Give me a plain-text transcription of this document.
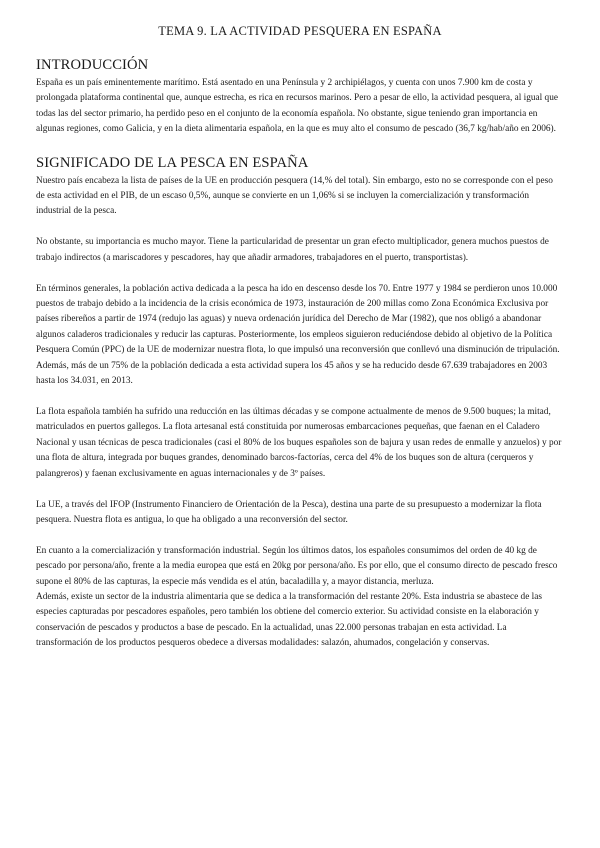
TEMA 9. LA ACTIVIDAD PESQUERA EN ESPAÑA
INTRODUCCIÓN

España es un país eminentemente marítimo. Está asentado en una Península y 2 archipiélagos, y cuenta con unos 7.900 km de costa y prolongada plataforma continental que, aunque estrecha, es rica en recursos marinos. Pero a pesar de ello, la actividad pesquera, al igual que todas las del sector primario, ha perdido peso en el conjunto de la economía española. No obstante, sigue teniendo gran importancia en algunas regiones, como Galicia, y en la dieta alimentaria española, en la que es muy alto el consumo de pescado (36,7 kg/hab/año en 2006).

SIGNIFICADO DE LA PESCA EN ESPAÑA

Nuestro país encabeza la lista de países de la UE en producción pesquera (14,% del total). Sin embargo, esto no se corresponde con el peso de esta actividad en el PIB, de un escaso 0,5%, aunque se convierte en un 1,06% si se incluyen la comercialización y transformación industrial de la pesca.

No obstante, su importancia es mucho mayor. Tiene la particularidad de presentar un gran efecto multiplicador, genera muchos puestos de trabajo indirectos (a mariscadores y pescadores, hay que añadir armadores, trabajadores en el puerto, transportistas).

En términos generales, la población activa dedicada a la pesca ha ido en descenso desde los 70. Entre 1977 y 1984 se perdieron unos 10.000 puestos de trabajo debido a la incidencia de la crisis económica de 1973, instauración de 200 millas como Zona Económica Exclusiva por países ribereños a partir de 1974 (redujo las aguas) y nueva ordenación jurídica del Derecho de Mar (1982), que nos obligó a abandonar algunos caladeros tradicionales y reducir las capturas. Posteriormente, los empleos siguieron reduciéndose debido al objetivo de la Política Pesquera Común (PPC) de la UE de modernizar nuestra flota, lo que impulsó una reconversión que conllevó una disminución de tripulación. Además, más de un 75% de la población dedicada a esta actividad supera los 45 años y se ha reducido desde 67.639 trabajadores en 2003 hasta los 34.031, en 2013.

La flota española también ha sufrido una reducción en las últimas décadas y se compone actualmente de menos de 9.500 buques; la mitad, matriculados en puertos gallegos. La flota artesanal está constituida por numerosas embarcaciones pequeñas, que faenan en el Caladero Nacional y usan técnicas de pesca tradicionales (casi el 80% de los buques españoles son de bajura y usan redes de enmalle y anzuelos) y por una flota de altura, integrada por buques grandes, denominado barcos-factorías, cerca del 4% de los buques son de altura (cerqueros y palangreros) y faenan exclusivamente en aguas internacionales y de 3º países.

La UE, a través del IFOP (Instrumento Financiero de Orientación de la Pesca), destina una parte de su presupuesto a modernizar la flota pesquera. Nuestra flota es antigua, lo que ha obligado a una reconversión del sector.

En cuanto a la comercialización y transformación industrial. Según los últimos datos, los españoles consumimos del orden de 40 kg de pescado por persona/año, frente a la media europea que está en 20kg por persona/año. Es por ello, que el consumo directo de pescado fresco supone el 80% de las capturas, la especie más vendida es el atún, bacaladilla y, a mayor distancia, merluza.

Además, existe un sector de la industria alimentaria que se dedica a la transformación del restante 20%. Esta industria se abastece de las especies capturadas por pescadores españoles, pero también los obtiene del comercio exterior. Su actividad consiste en la elaboración y conservación de pescados y productos a base de pescado. En la actualidad, unas 22.000 personas trabajan en esta actividad. La transformación de los productos pesqueros obedece a diversas modalidades: salazón, ahumados, congelación y conservas.
